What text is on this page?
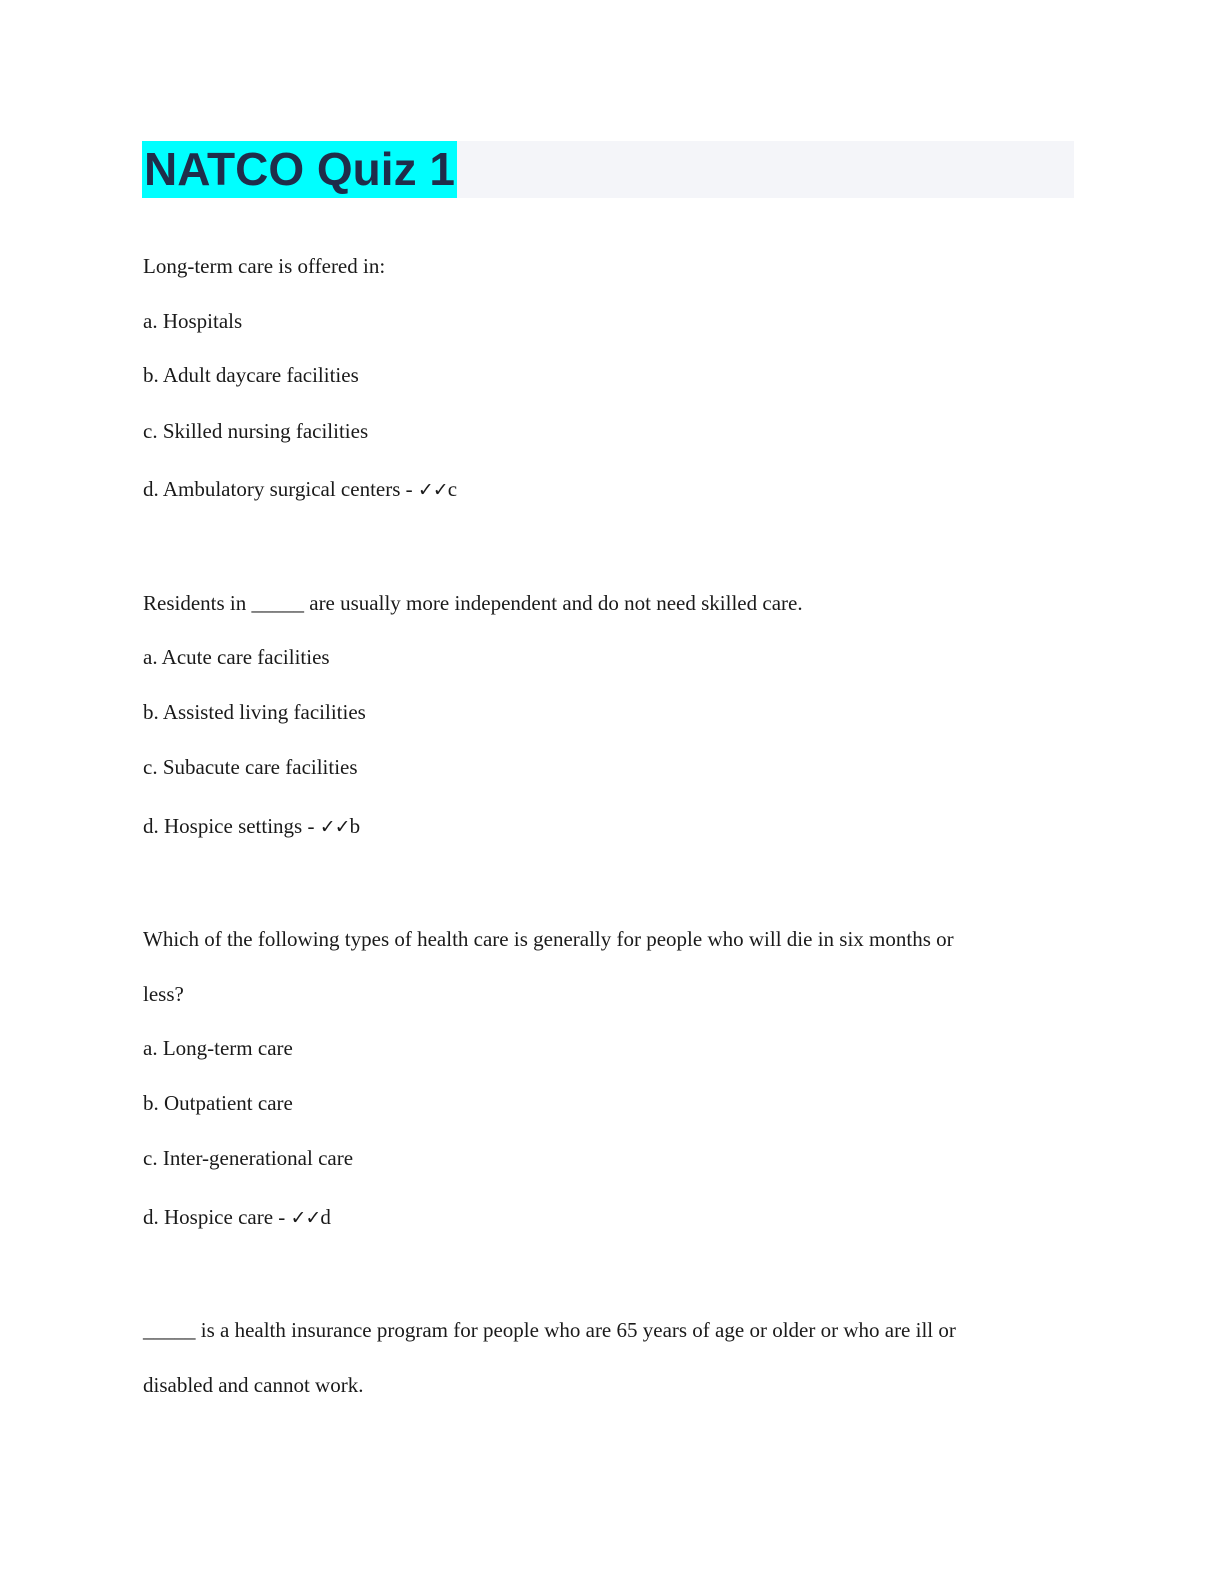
NATCO Quiz 1
Long-term care is offered in:
a. Hospitals
b. Adult daycare facilities
c. Skilled nursing facilities
d. Ambulatory surgical centers - ✓✓c
Residents in _____ are usually more independent and do not need skilled care.
a. Acute care facilities
b. Assisted living facilities
c. Subacute care facilities
d. Hospice settings - ✓✓b
Which of the following types of health care is generally for people who will die in six months or
less?
a. Long-term care
b. Outpatient care
c. Inter-generational care
d. Hospice care - ✓✓d
_____ is a health insurance program for people who are 65 years of age or older or who are ill or
disabled and cannot work.
